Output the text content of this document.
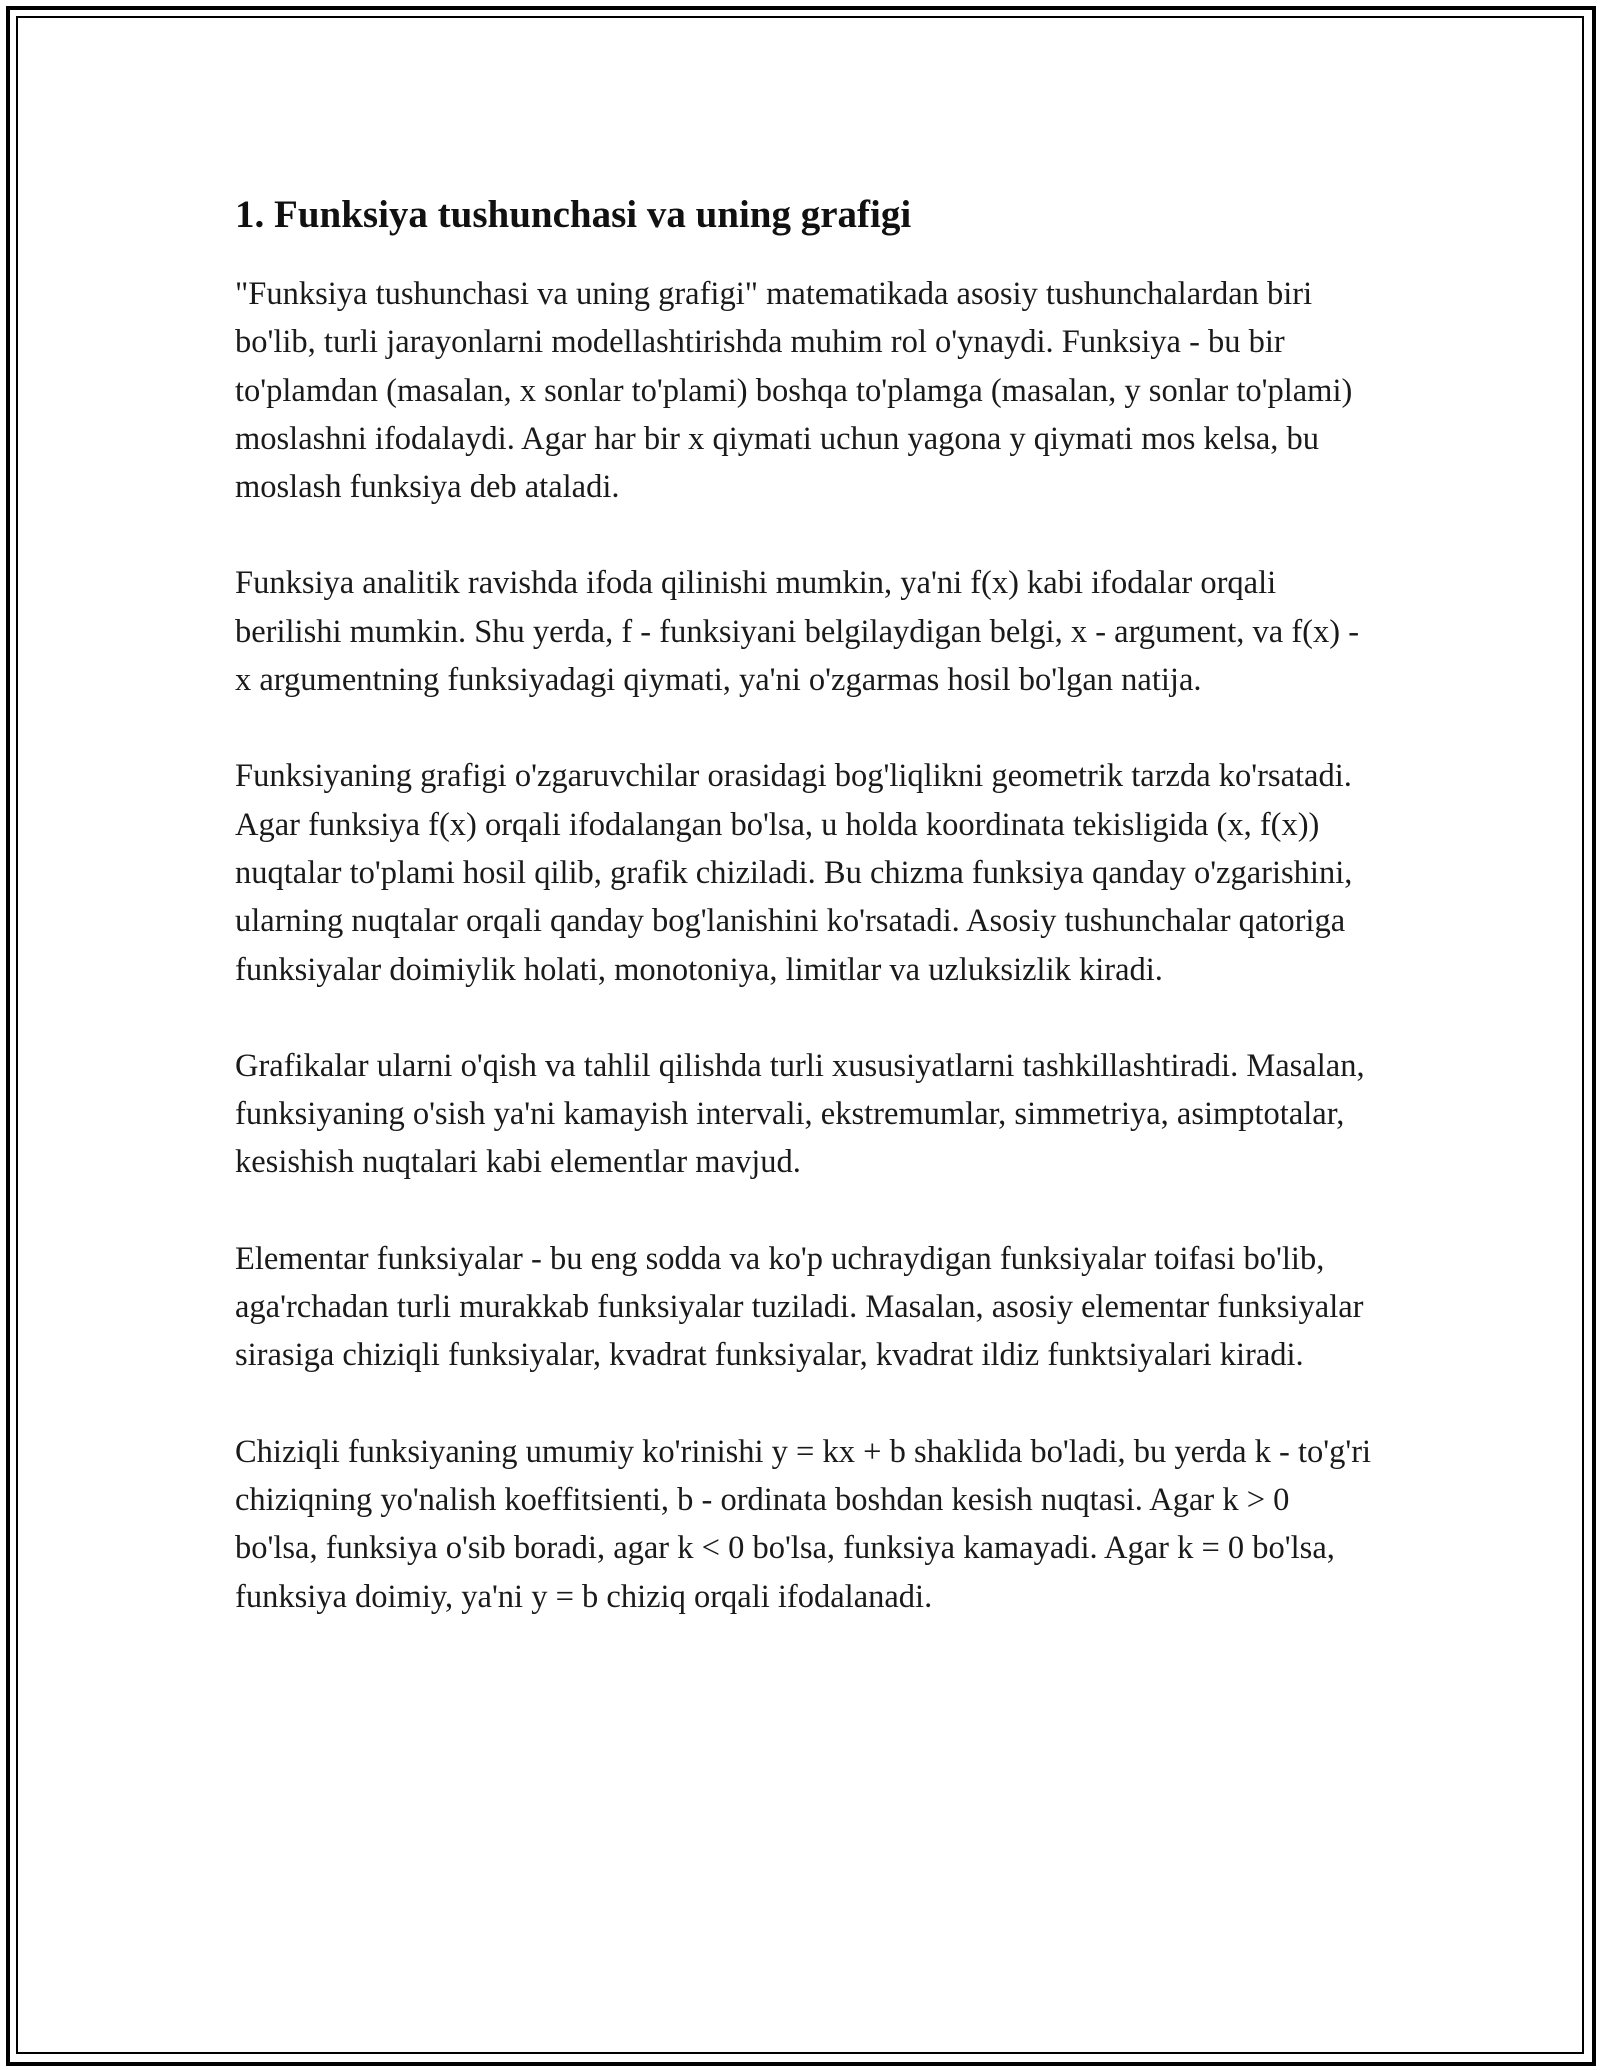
1. Funksiya tushunchasi va uning grafigi

"Funksiya tushunchasi va uning grafigi" matematikada asosiy tushunchalardan biri bo'lib, turli jarayonlarni modellashtirishda muhim rol o'ynaydi. Funksiya - bu bir to'plamdan (masalan, x sonlar to'plami) boshqa to'plamga (masalan, y sonlar to'plami) moslashni ifodalaydi. Agar har bir x qiymati uchun yagona y qiymati mos kelsa, bu moslash funksiya deb ataladi.

Funksiya analitik ravishda ifoda qilinishi mumkin, ya'ni f(x) kabi ifodalar orqali berilishi mumkin. Shu yerda, f - funksiyani belgilaydigan belgi, x - argument, va f(x) - x argumentning funksiyadagi qiymati, ya'ni o'zgarmas hosil bo'lgan natija.

Funksiyaning grafigi o'zgaruvchilar orasidagi bog'liqlikni geometrik tarzda ko'rsatadi. Agar funksiya f(x) orqali ifodalangan bo'lsa, u holda koordinata tekisligida (x, f(x)) nuqtalar to'plami hosil qilib, grafik chiziladi. Bu chizma funksiya qanday o'zgarishini, ularning nuqtalar orqali qanday bog'lanishini ko'rsatadi. Asosiy tushunchalar qatoriga funksiyalar doimiylik holati, monotoniya, limitlar va uzluksizlik kiradi.

Grafikalar ularni o'qish va tahlil qilishda turli xususiyatlarni tashkillashtiradi. Masalan, funksiyaning o'sish ya'ni kamayish intervali, ekstremumlar, simmetriya, asimptotalar, kesishish nuqtalari kabi elementlar mavjud.

Elementar funksiyalar - bu eng sodda va ko'p uchraydigan funksiyalar toifasi bo'lib, aga'rchadan turli murakkab funksiyalar tuziladi. Masalan, asosiy elementar funksiyalar sirasiga chiziqli funksiyalar, kvadrat funksiyalar, kvadrat ildiz funktsiyalari kiradi.

Chiziqli funksiyaning umumiy ko'rinishi y = kx + b shaklida bo'ladi, bu yerda k - to'g'ri chiziqning yo'nalish koeffitsienti, b - ordinata boshdan kesish nuqtasi. Agar k > 0 bo'lsa, funksiya o'sib boradi, agar k < 0 bo'lsa, funksiya kamayadi. Agar k = 0 bo'lsa, funksiya doimiy, ya'ni y = b chiziq orqali ifodalanadi.
